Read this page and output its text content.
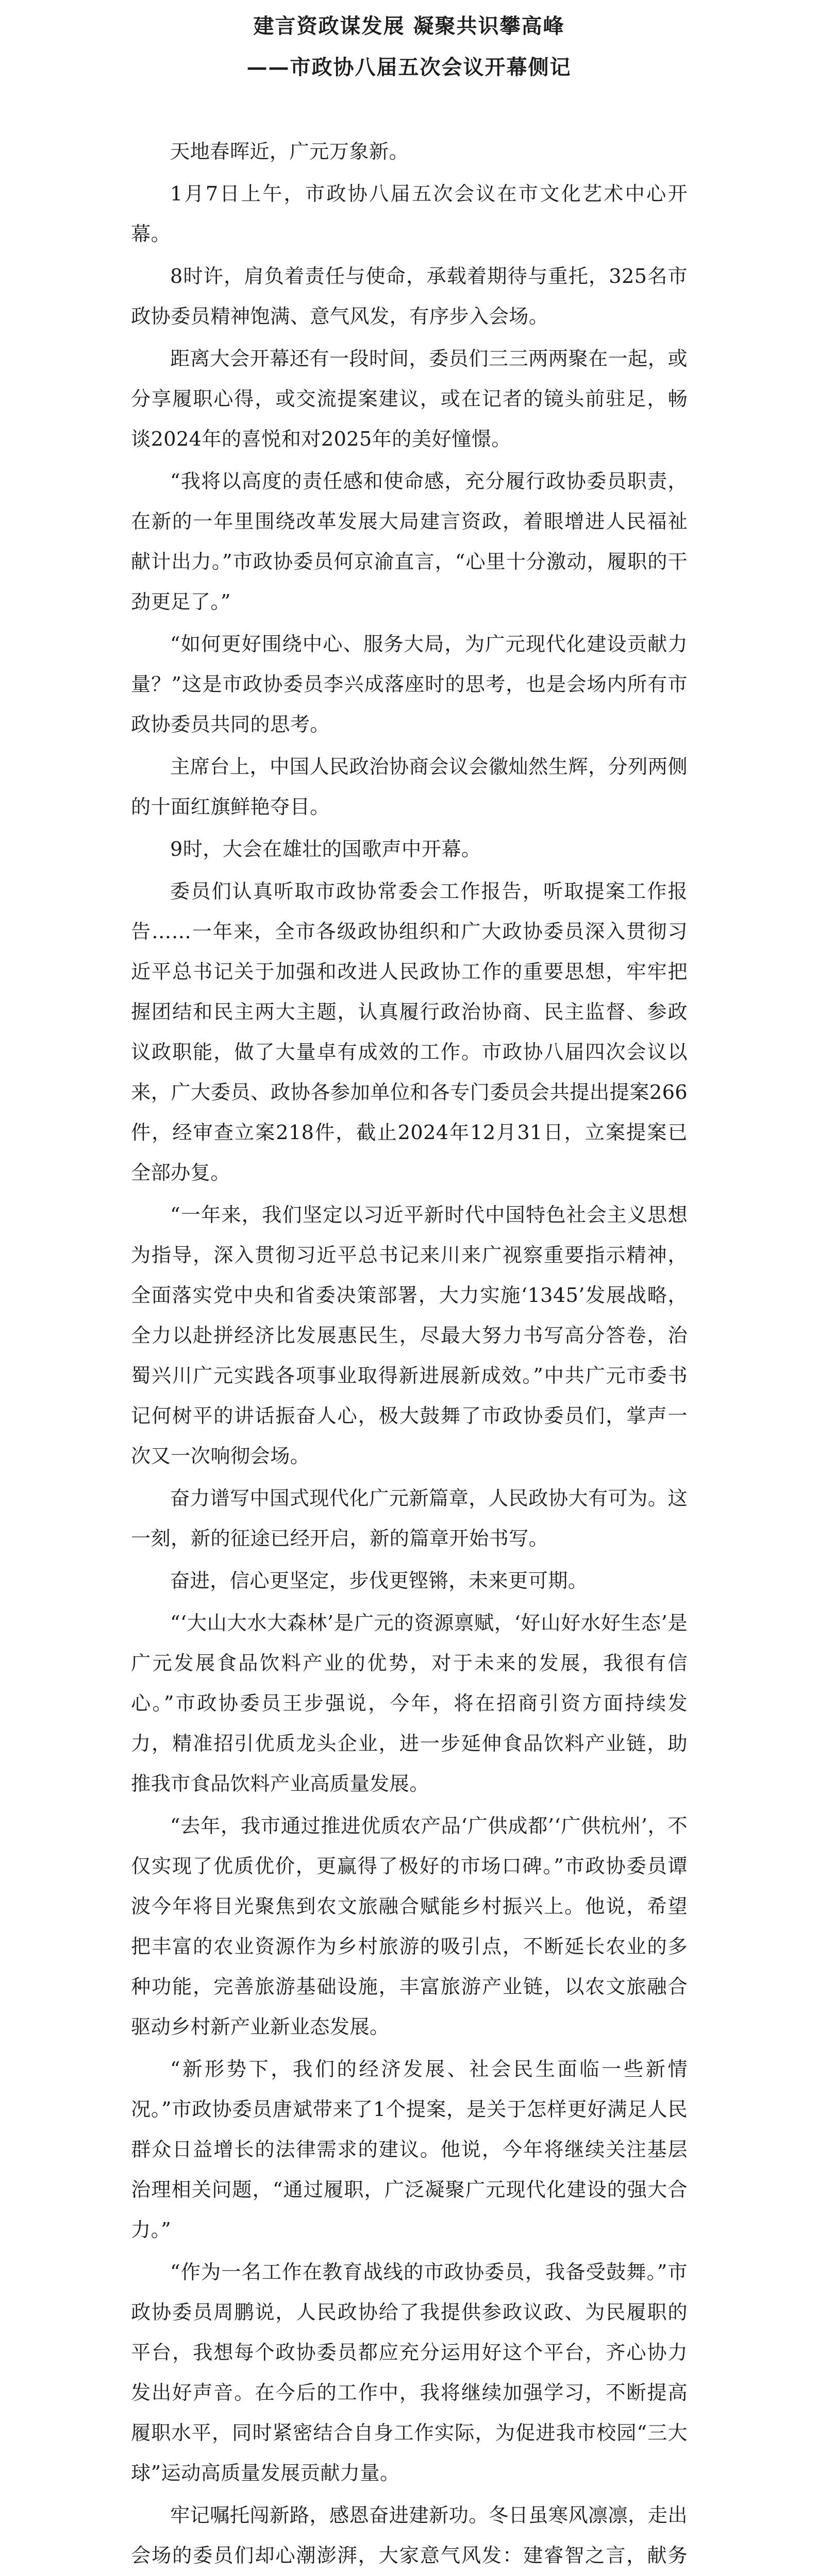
建言资政谋发展 凝聚共识攀高峰
——市政协八届五次会议开幕侧记

天地春晖近，广元万象新。

1月7日上午，市政协八届五次会议在市文化艺术中心开幕。

8时许，肩负着责任与使命，承载着期待与重托，325名市政协委员精神饱满、意气风发，有序步入会场。

距离大会开幕还有一段时间，委员们三三两两聚在一起，或分享履职心得，或交流提案建议，或在记者的镜头前驻足，畅谈2024年的喜悦和对2025年的美好憧憬。

“我将以高度的责任感和使命感，充分履行政协委员职责，在新的一年里围绕改革发展大局建言资政，着眼增进人民福祉献计出力。”市政协委员何京渝直言，“心里十分激动，履职的干劲更足了。”

“如何更好围绕中心、服务大局，为广元现代化建设贡献力量？”这是市政协委员李兴成落座时的思考，也是会场内所有市政协委员共同的思考。

主席台上，中国人民政治协商会议会徽灿然生辉，分列两侧的十面红旗鲜艳夺目。

9时，大会在雄壮的国歌声中开幕。

委员们认真听取市政协常委会工作报告，听取提案工作报告……一年来，全市各级政协组织和广大政协委员深入贯彻习近平总书记关于加强和改进人民政协工作的重要思想，牢牢把握团结和民主两大主题，认真履行政治协商、民主监督、参政议政职能，做了大量卓有成效的工作。市政协八届四次会议以来，广大委员、政协各参加单位和各专门委员会共提出提案266件，经审查立案218件，截止2024年12月31日，立案提案已全部办复。

“一年来，我们坚定以习近平新时代中国特色社会主义思想为指导，深入贯彻习近平总书记来川来广视察重要指示精神，全面落实党中央和省委决策部署，大力实施‘1345’发展战略，全力以赴拼经济比发展惠民生，尽最大努力书写高分答卷，治蜀兴川广元实践各项事业取得新进展新成效。”中共广元市委书记何树平的讲话振奋人心，极大鼓舞了市政协委员们，掌声一次又一次响彻会场。

奋力谱写中国式现代化广元新篇章，人民政协大有可为。这一刻，新的征途已经开启，新的篇章开始书写。

奋进，信心更坚定，步伐更铿锵，未来更可期。

“‘大山大水大森林’是广元的资源禀赋，‘好山好水好生态’是广元发展食品饮料产业的优势，对于未来的发展，我很有信心。”市政协委员王步强说，今年，将在招商引资方面持续发力，精准招引优质龙头企业，进一步延伸食品饮料产业链，助推我市食品饮料产业高质量发展。

“去年，我市通过推进优质农产品‘广供成都’‘广供杭州’，不仅实现了优质优价，更赢得了极好的市场口碑。”市政协委员谭波今年将目光聚焦到农文旅融合赋能乡村振兴上。他说，希望把丰富的农业资源作为乡村旅游的吸引点，不断延长农业的多种功能，完善旅游基础设施，丰富旅游产业链，以农文旅融合驱动乡村新产业新业态发展。

“新形势下，我们的经济发展、社会民生面临一些新情况。”市政协委员唐斌带来了1个提案，是关于怎样更好满足人民群众日益增长的法律需求的建议。他说，今年将继续关注基层治理相关问题，“通过履职，广泛凝聚广元现代化建设的强大合力。”

“作为一名工作在教育战线的市政协委员，我备受鼓舞。”市政协委员周鹏说，人民政协给了我提供参政议政、为民履职的平台，我想每个政协委员都应充分运用好这个平台，齐心协力发出好声音。在今后的工作中，我将继续加强学习，不断提高履职水平，同时紧密结合自身工作实际，为促进我市校园“三大球”运动高质量发展贡献力量。

牢记嘱托闯新路，感恩奋进建新功。冬日虽寒风凛凛，走出会场的委员们却心潮澎湃，大家意气风发：建睿智之言，献务
